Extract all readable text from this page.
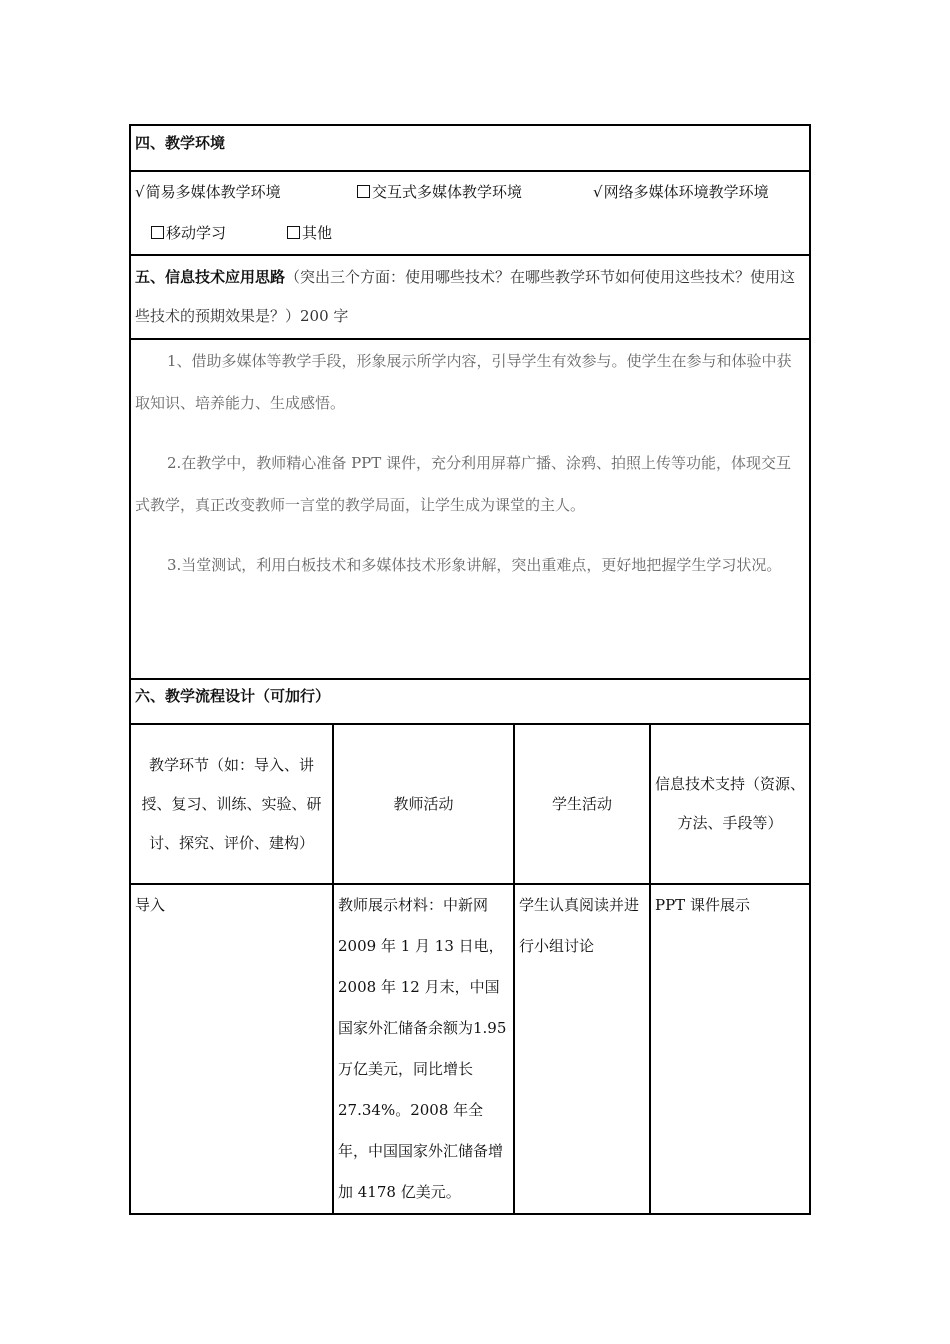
四、教学环境			

√简易多媒体教学环境 交互式多媒体教学环境 √网络多媒体环境教学环境
移动学习 其他			

五、信息技术应用思路（突出三个方面：使用哪些技术？在哪些教学环节如何使用这些技术？使用这些技术的预期效果是？）200 字			

1、借助多媒体等教学手段，形象展示所学内容，引导学生有效参与。使学生在参与和体验中获取知识、培养能力、生成感悟。

2.在教学中，教师精心准备 PPT 课件，充分利用屏幕广播、涂鸦、拍照上传等功能，体现交互式教学，真正改变教师一言堂的教学局面，让学生成为课堂的主人。

3.当堂测试，利用白板技术和多媒体技术形象讲解，突出重难点，更好地把握学生学习状况。			

六、教学流程设计（可加行）			
教学环节（如：导入、讲授、复习、训练、实验、研讨、探究、评价、建构）	教师活动	学生活动	信息技术支持（资源、方法、手段等）
导入	教师展示材料：中新网2009 年 1 月 13 日电，2008 年 12 月末，中国国家外汇储备余额为1.95 万亿美元，同比增长 27.34%。2008 年全年，中国国家外汇储备增加 4178 亿美元。	学生认真阅读并进行小组讨论	PPT 课件展示
